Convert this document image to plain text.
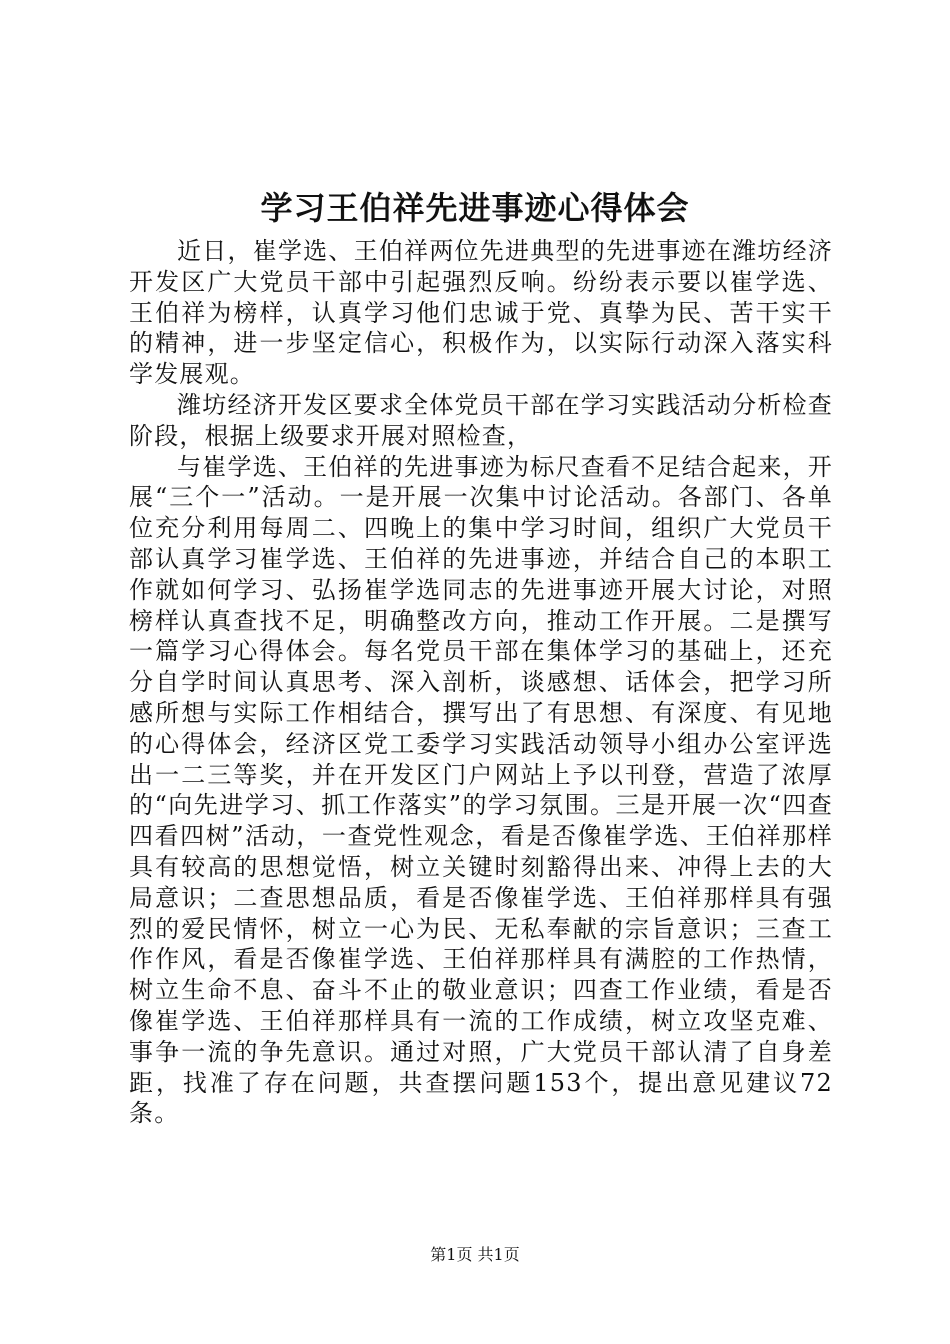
学习王伯祥先进事迹心得体会

近日，崔学选、王伯祥两位先进典型的先进事迹在潍坊经济开发区广大党员干部中引起强烈反响。纷纷表示要以崔学选、王伯祥为榜样，认真学习他们忠诚于党、真挚为民、苦干实干的精神，进一步坚定信心，积极作为，以实际行动深入落实科学发展观。

潍坊经济开发区要求全体党员干部在学习实践活动分析检查阶段，根据上级要求开展对照检查，

与崔学选、王伯祥的先进事迹为标尺查看不足结合起来，开展“三个一”活动。一是开展一次集中讨论活动。各部门、各单位充分利用每周二、四晚上的集中学习时间，组织广大党员干部认真学习崔学选、王伯祥的先进事迹，并结合自己的本职工作就如何学习、弘扬崔学选同志的先进事迹开展大讨论，对照榜样认真查找不足，明确整改方向，推动工作开展。二是撰写一篇学习心得体会。每名党员干部在集体学习的基础上，还充分自学时间认真思考、深入剖析，谈感想、话体会，把学习所感所想与实际工作相结合，撰写出了有思想、有深度、有见地的心得体会，经济区党工委学习实践活动领导小组办公室评选出一二三等奖，并在开发区门户网站上予以刊登，营造了浓厚的“向先进学习、抓工作落实”的学习氛围。三是开展一次“四查四看四树”活动，一查党性观念，看是否像崔学选、王伯祥那样具有较高的思想觉悟，树立关键时刻豁得出来、冲得上去的大局意识；二查思想品质，看是否像崔学选、王伯祥那样具有强烈的爱民情怀，树立一心为民、无私奉献的宗旨意识；三查工作作风，看是否像崔学选、王伯祥那样具有满腔的工作热情，树立生命不息、奋斗不止的敬业意识；四查工作业绩，看是否像崔学选、王伯祥那样具有一流的工作成绩，树立攻坚克难、事争一流的争先意识。通过对照，广大党员干部认清了自身差距，找准了存在问题，共查摆问题153个，提出意见建议72条。

第1页 共1页
